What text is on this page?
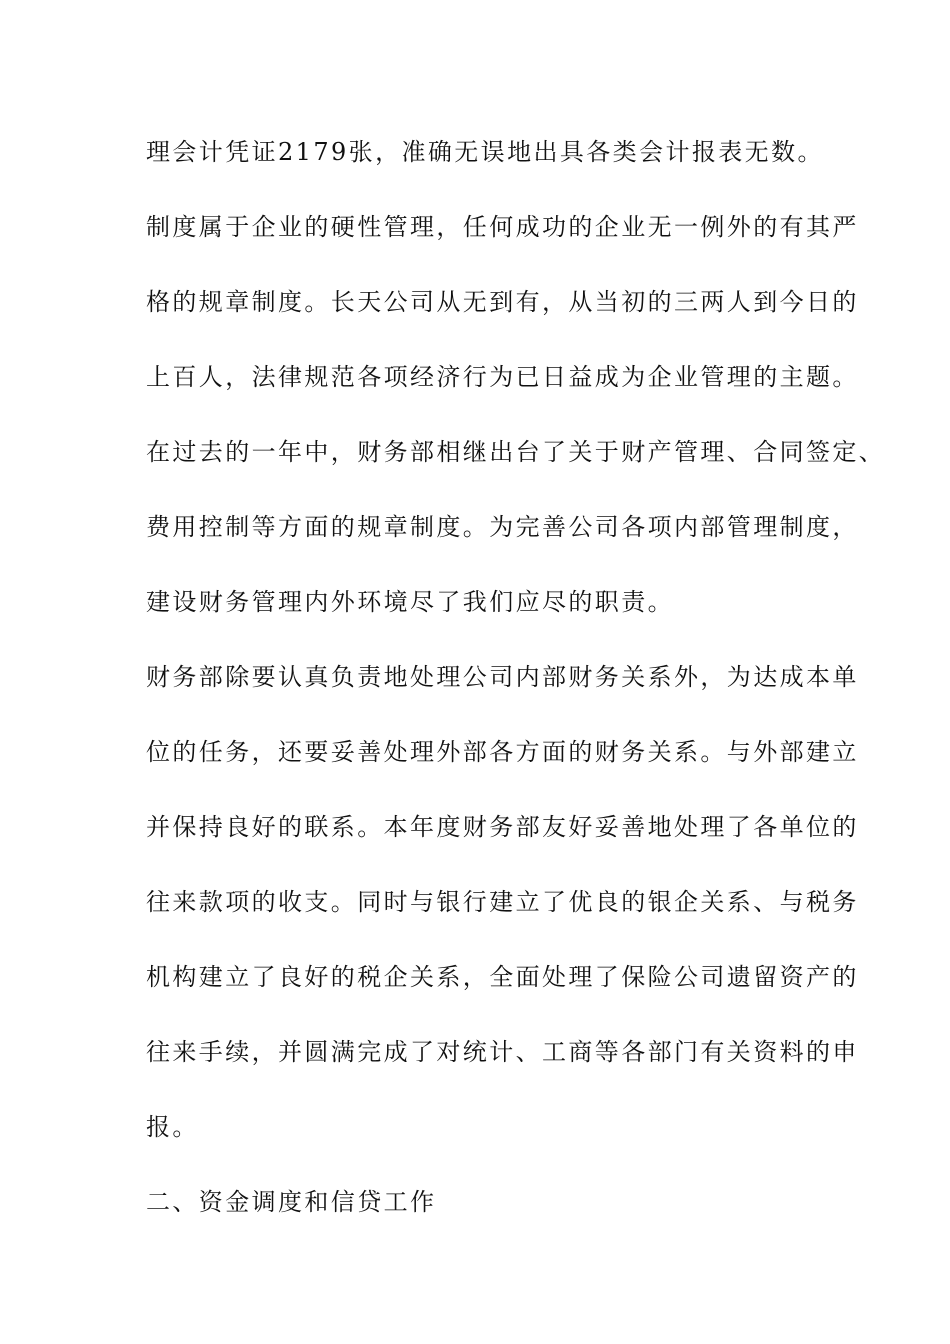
理会计凭证2179张，准确无误地出具各类会计报表无数。
制度属于企业的硬性管理，任何成功的企业无一例外的有其严
格的规章制度。长天公司从无到有，从当初的三两人到今日的
上百人，法律规范各项经济行为已日益成为企业管理的主题。
在过去的一年中，财务部相继出台了关于财产管理、合同签定、
费用控制等方面的规章制度。为完善公司各项内部管理制度，
建设财务管理内外环境尽了我们应尽的职责。
财务部除要认真负责地处理公司内部财务关系外，为达成本单
位的任务，还要妥善处理外部各方面的财务关系。与外部建立
并保持良好的联系。本年度财务部友好妥善地处理了各单位的
往来款项的收支。同时与银行建立了优良的银企关系、与税务
机构建立了良好的税企关系，全面处理了保险公司遗留资产的
往来手续，并圆满完成了对统计、工商等各部门有关资料的申
报。
二、资金调度和信贷工作
